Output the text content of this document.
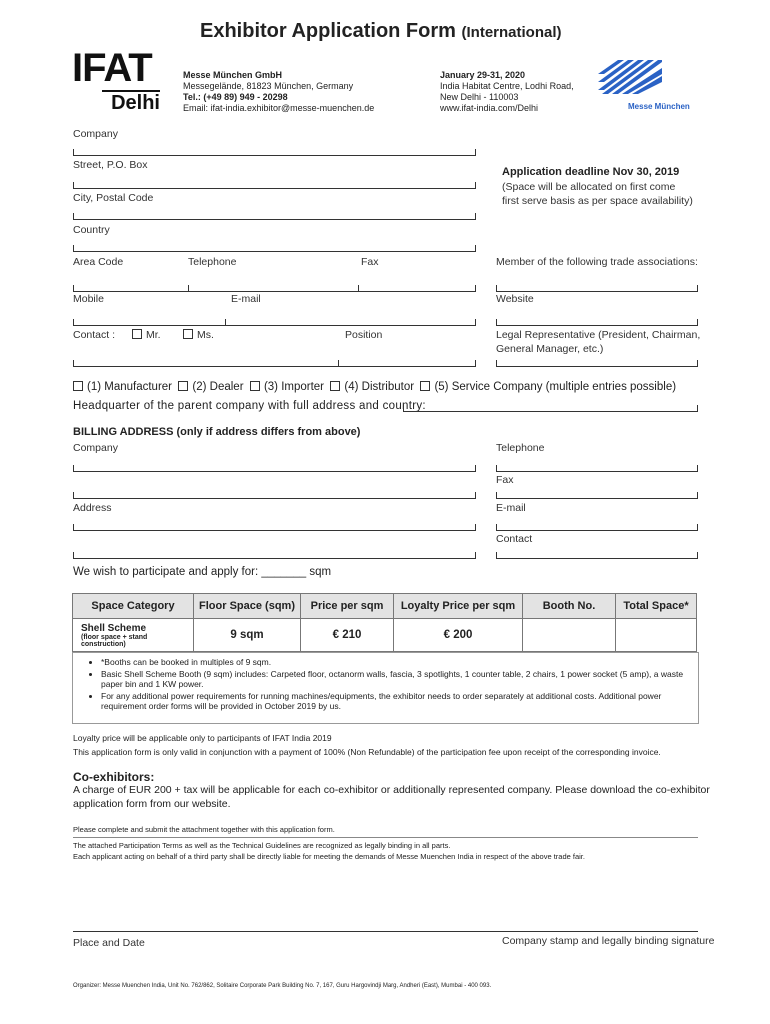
Exhibitor Application Form (International)
IFAT
Delhi
Messe München GmbH
Messegelände, 81823 München, Germany
Tel.: (+49 89) 949 - 20298
Email: ifat-india.exhibitor@messe-muenchen.de
January 29-31, 2020
India Habitat Centre, Lodhi Road,
New Delhi - 110003
www.ifat-india.com/Delhi	Messe München
Company
Street, P.O. Box
City, Postal Code
Country
Application deadline Nov 30, 2019
(Space will be allocated on first come
first serve basis as per space availability)
Area Code	Telephone	Fax	Member of the following trade associations:
Mobile	E-mail	Website
Contact :	Mr.	Ms.	Position	Legal Representative (President, Chairman,
General Manager, etc.)
(1) Manufacturer (2) Dealer (3) Importer (4) Distributor (5) Service Company (multiple entries possible)
Headquarter of the parent company with full address and country:
BILLING ADDRESS (only if address differs from above)
Company
Address
Telephone
Fax
E-mail
Contact
We wish to participate and apply for: _______ sqm
Space Category	Floor Space (sqm)	Price per sqm	Loyalty Price per sqm	Booth No.	Total Space*

Shell Scheme
(floor space + stand construction)	9 sqm	€ 210	€ 200		
• *Booths can be booked in multiples of 9 sqm.
• Basic Shell Scheme Booth (9 sqm) includes: Carpeted floor, octanorm walls, fascia, 3 spotlights, 1 counter table, 2 chairs, 1 power socket (5 amp), a waste paper bin and 1 KW power.
• For any additional power requirements for running machines/equipments, the exhibitor needs to order separately at additional costs. Additional power requirement order forms will be provided in October 2019 by us.
Loyalty price will be applicable only to participants of IFAT India 2019
This application form is only valid in conjunction with a payment of 100% (Non Refundable) of the participation fee upon receipt of the corresponding invoice.
Co-exhibitors:
A charge of EUR 200 + tax will be applicable for each co-exhibitor or additionally represented company. Please download the co-exhibitor
application form from our website.
Please complete and submit the attachment together with this application form.
The attached Participation Terms as well as the Technical Guidelines are recognized as legally binding in all parts.
Each applicant acting on behalf of a third party shall be directly liable for meeting the demands of Messe Muenchen India in respect of the above trade fair.
Place and Date	Company stamp and legally binding signature
Organizer: Messe Muenchen India, Unit No. 762/862, Solitaire Corporate Park Building No. 7, 167, Guru Hargovindji Marg, Andheri (East), Mumbai - 400 093.
